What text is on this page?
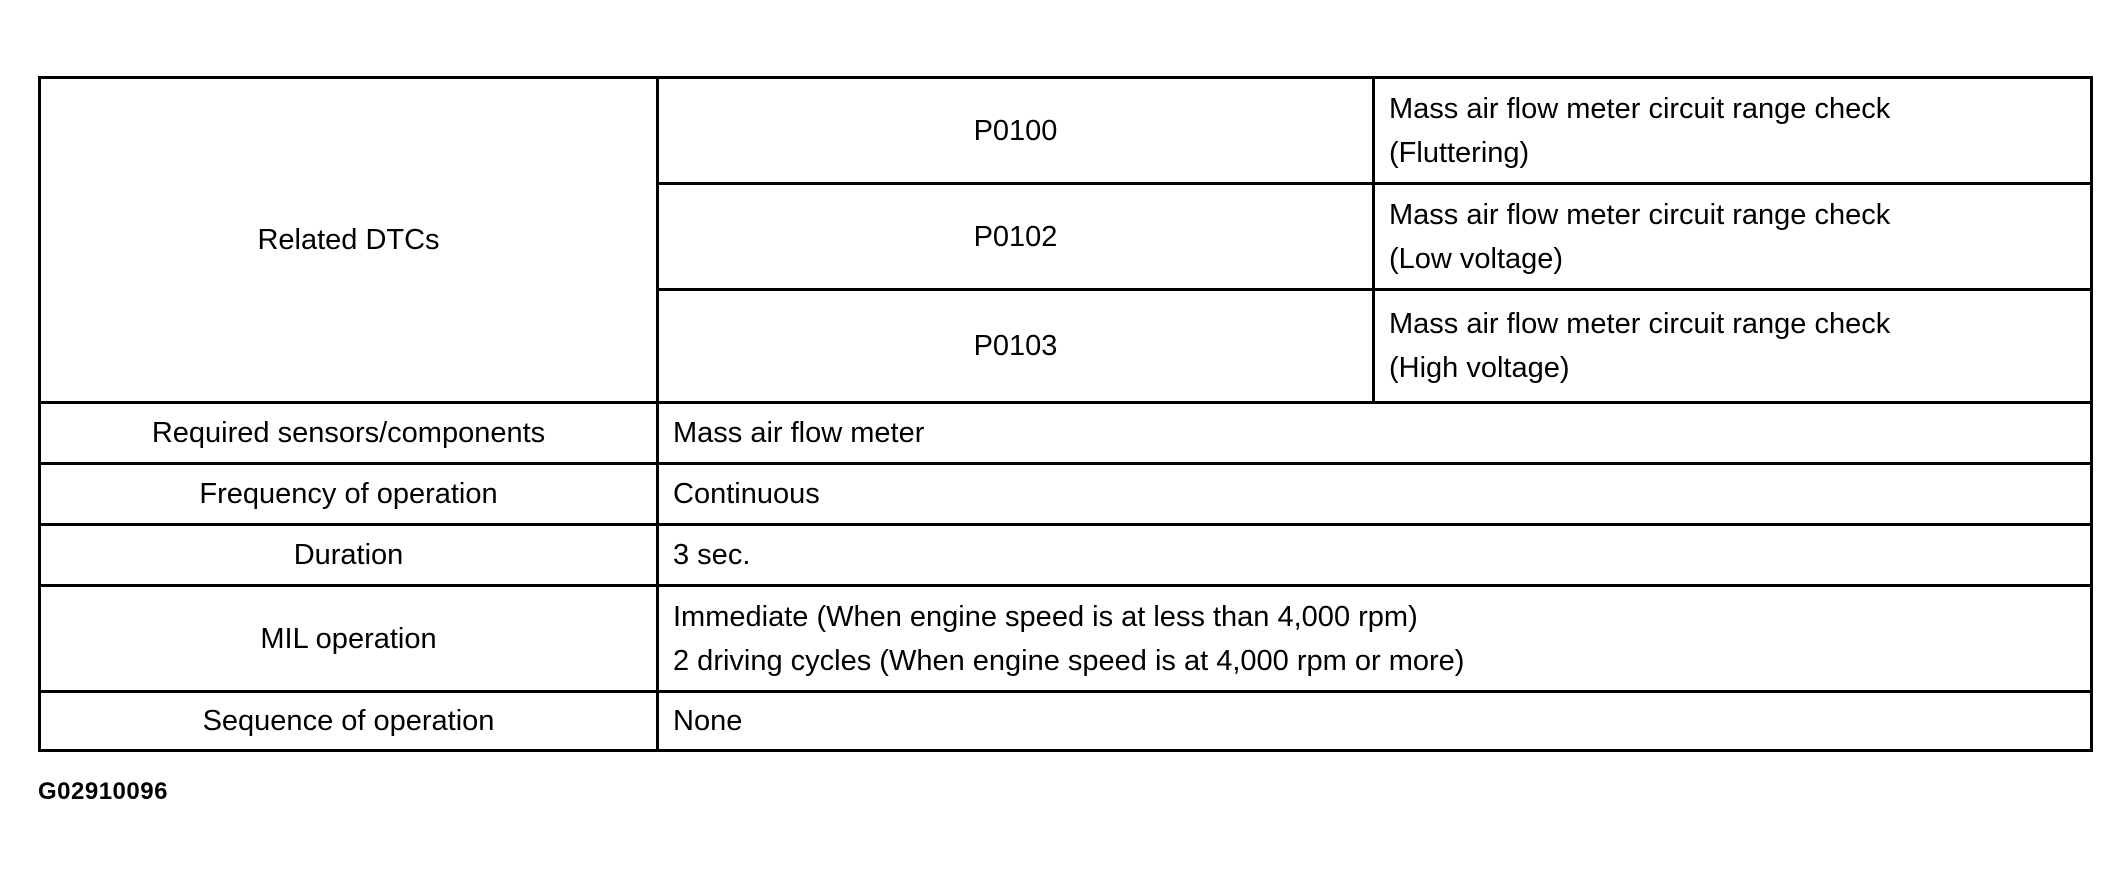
Related DTCs	P0100	Mass air flow meter circuit range check
(Fluttering)

	P0102	Mass air flow meter circuit range check
(Low voltage)

	P0103	Mass air flow meter circuit range check
(High voltage)

Required sensors/components	Mass air flow meter	
Frequency of operation	Continuous	
Duration	3 sec.	
MIL operation	Immediate (When engine speed is at less than 4,000 rpm)
2 driving cycles (When engine speed is at 4,000 rpm or more)	

Sequence of operation	None	
G02910096
